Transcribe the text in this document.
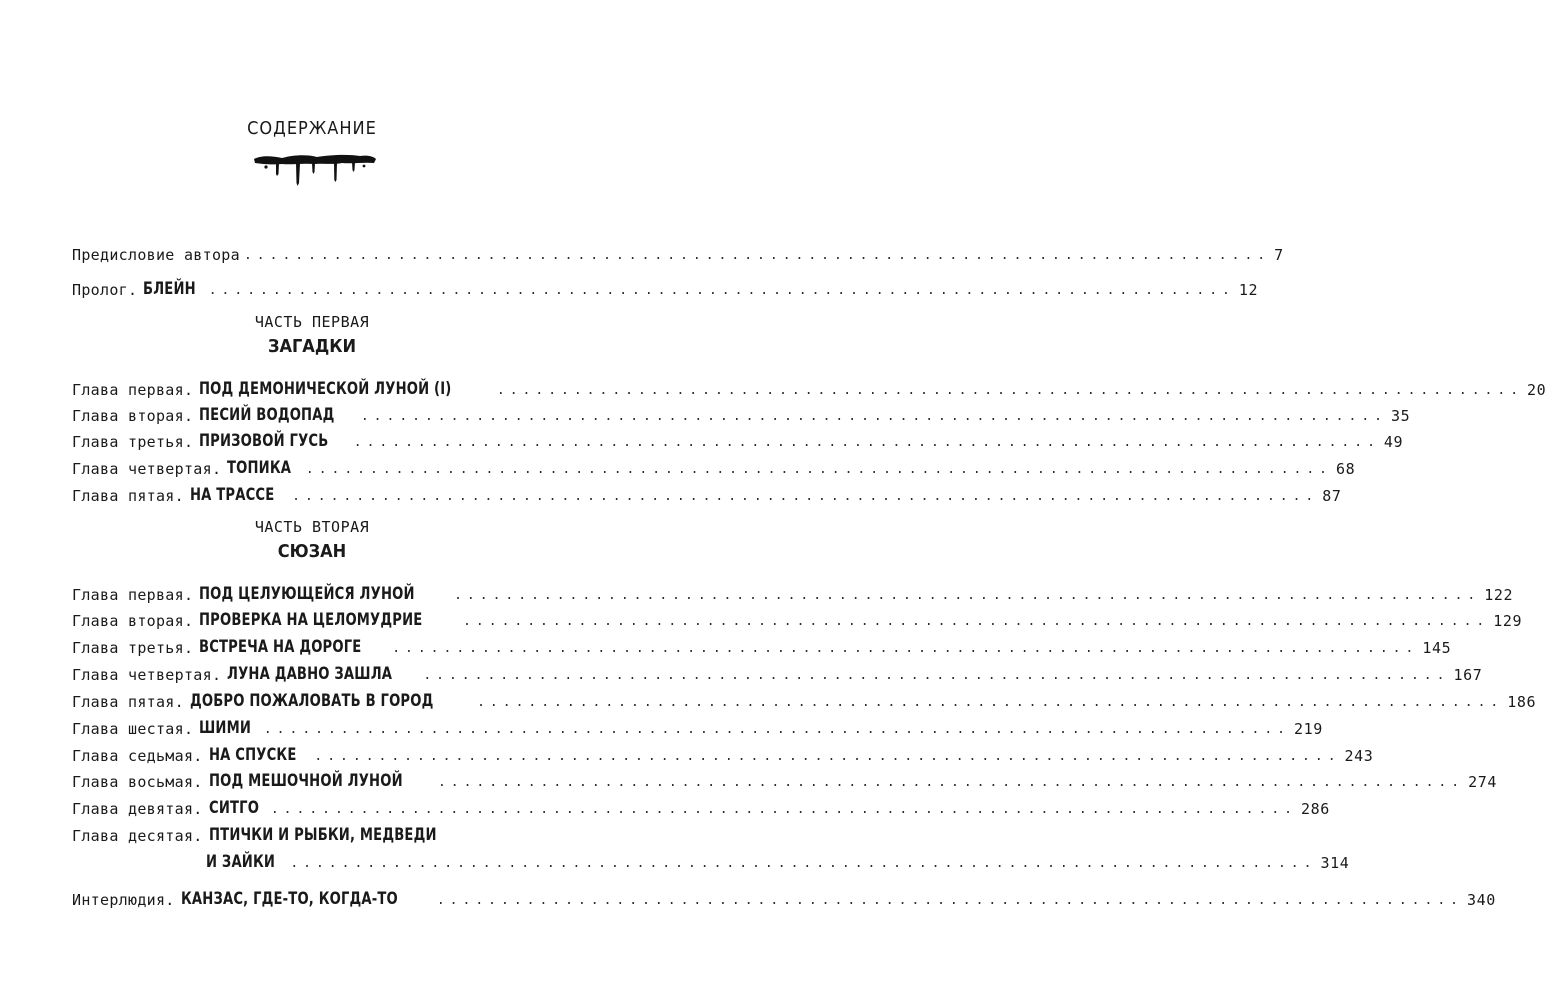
СОДЕРЖАНИЕ
Предисловие автора ................................................................................ 7
Пролог. БЛЕЙН ................................................................................ 12
ЧАСТЬ ПЕРВАЯ
ЗАГАДКИ
Глава первая. ПОД ДЕМОНИЧЕСКОЙ ЛУНОЙ (I)	................................................................................ 20
Глава вторая. ПЕСИЙ ВОДОПАД ................................................................................ 35
Глава третья. ПРИЗОВОЙ ГУСЬ ................................................................................ 49
Глава четвертая. ТОПИКА ................................................................................ 68
Глава пятая. НА ТРАССЕ ................................................................................ 87
ЧАСТЬ ВТОРАЯ
СЮЗАН
Глава первая. ПОД ЦЕЛУЮЩЕЙСЯ ЛУНОЙ	................................................................................ 122
Глава вторая. ПРОВЕРКА НА ЦЕЛОМУДРИЕ	................................................................................ 129
Глава третья. ВСТРЕЧА НА ДОРОГЕ ................................................................................ 145
Глава четвертая. ЛУНА ДАВНО ЗАШЛА ................................................................................ 167
Глава пятая. ДОБРО ПОЖАЛОВАТЬ В ГОРОД	................................................................................ 186
Глава шестая. ШИМИ ................................................................................ 219
Глава седьмая. НА СПУСКЕ ................................................................................ 243
Глава восьмая. ПОД МЕШОЧНОЙ ЛУНОЙ	................................................................................ 274
Глава девятая. СИТГО ................................................................................ 286
Глава десятая. ПТИЧКИ И РЫБКИ, МЕДВЕДИ
И ЗАЙКИ ................................................................................ 314
Интерлюдия. КАНЗАС, ГДЕ-ТО, КОГДА-ТО	................................................................................ 340
